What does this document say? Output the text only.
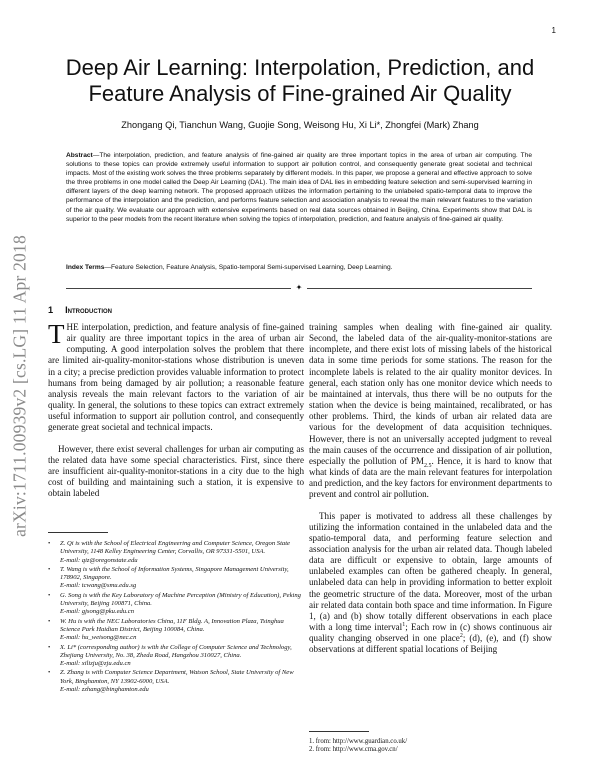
1
arXiv:1711.00939v2 [cs.LG] 11 Apr 2018
Deep Air Learning: Interpolation, Prediction, and Feature Analysis of Fine-grained Air Quality
Zhongang Qi, Tianchun Wang, Guojie Song, Weisong Hu, Xi Li*, Zhongfei (Mark) Zhang
Abstract—The interpolation, prediction, and feature analysis of fine-gained air quality are three important topics in the area of urban air computing. The solutions to these topics can provide extremely useful information to support air pollution control, and consequently generate great societal and technical impacts. Most of the existing work solves the three problems separately by different models. In this paper, we propose a general and effective approach to solve the three problems in one model called the Deep Air Learning (DAL). The main idea of DAL lies in embedding feature selection and semi-supervised learning in different layers of the deep learning network. The proposed approach utilizes the information pertaining to the unlabeled spatio-temporal data to improve the performance of the interpolation and the prediction, and performs feature selection and association analysis to reveal the main relevant features to the variation of the air quality. We evaluate our approach with extensive experiments based on real data sources obtained in Beijing, China. Experiments show that DAL is superior to the peer models from the recent literature when solving the topics of interpolation, prediction, and feature analysis of fine-gained air quality.
Index Terms—Feature Selection, Feature Analysis, Spatio-temporal Semi-supervised Learning, Deep Learning.
✦
1 Introduction

THE interpolation, prediction, and feature analysis of fine-gained air quality are three important topics in the area of urban air computing. A good interpolation solves the problem that there are limited air-quality-monitor-stations whose distribution is uneven in a city; a precise prediction provides valuable information to protect humans from being damaged by air pollution; a reasonable feature analysis reveals the main relevant factors to the variation of air quality. In general, the solutions to these topics can extract extremely useful information to support air pollution control, and consequently generate great societal and technical impacts.

However, there exist several challenges for urban air computing as the related data have some special characteristics. First, since there are insufficient air-quality-monitor-stations in a city due to the high cost of building and maintaining such a station, it is expensive to obtain labeled

• Z. Qi is with the School of Electrical Engineering and Computer Science, Oregon State University, 1148 Kelley Engineering Center, Corvallis, OR 97331-5501, USA.
E-mail: qiz@oregonstate.edu
• T. Wang is with the School of Information Systems, Singapore Management University, 178902, Singapore.
E-mail: tcwang@smu.edu.sg
• G. Song is with the Key Laboratory of Machine Perception (Ministry of Education), Peking University, Beijing 100871, China.
E-mail: gjsong@pku.edu.cn
• W. Hu is with the NEC Laboratories China, 11F Bldg. A, Innovation Plaza, Tsinghua Science Park Haidian District, Beijing 100084, China.
E-mail: hu_weisong@nec.cn
• X. Li* (corresponding author) is with the College of Computer Science and Technology, Zhejiang University, No. 38, Zheda Road, Hangzhou 310027, China.
E-mail: xilizju@zju.edu.cn
• Z. Zhang is with Computer Science Department, Watson School, State University of New York, Binghamton, NY 13902-6000, USA.
E-mail: zzhang@binghamton.edu

training samples when dealing with fine-gained air quality. Second, the labeled data of the air-quality-monitor-stations are incomplete, and there exist lots of missing labels of the historical data in some time periods for some stations. The reason for the incomplete labels is related to the air quality monitor devices. In general, each station only has one monitor device which needs to be maintained at intervals, thus there will be no outputs for the station when the device is being maintained, recalibrated, or has other problems. Third, the kinds of urban air related data are various for the development of data acquisition techniques. However, there is not an universally accepted judgment to reveal the main causes of the occurrence and dissipation of air pollution, especially the pollution of $PM_{2.5}$. Hence, it is hard to know that what kinds of data are the main relevant features for interpolation and prediction, and the key factors for environment departments to prevent and control air pollution.

This paper is motivated to address all these challenges by utilizing the information contained in the unlabeled data and the spatio-temporal data, and performing feature selection and association analysis for the urban air related data. Though labeled data are difficult or expensive to obtain, large amounts of unlabeled examples can often be gathered cheaply. In general, unlabeled data can help in providing information to better exploit the geometric structure of the data. Moreover, most of the urban air related data contain both space and time information. In Figure 1, (a) and (b) show totally different observations in each place with a long time interval$^1$; Each row in (c) shows continuous air quality changing observed in one place$^2$; (d), (e), and (f) show observations at different spatial locations of Beijing

1. from: http://www.guardian.co.uk/
2. from: http://www.cma.gov.cn/
